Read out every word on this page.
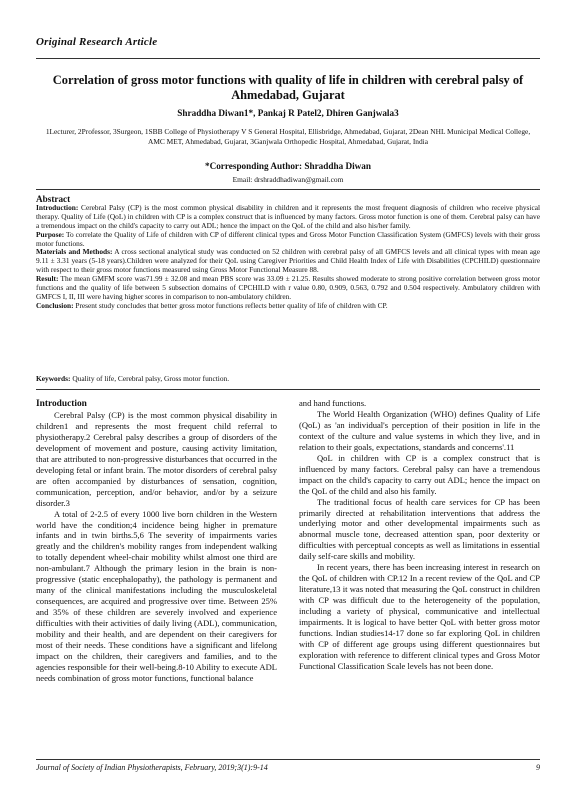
Original Research Article
Correlation of gross motor functions with quality of life in children with cerebral palsy of Ahmedabad, Gujarat
Shraddha Diwan1*, Pankaj R Patel2, Dhiren Ganjwala3
1Lecturer, 2Professor, 3Surgeon, 1SBB College of Physiotherapy V S General Hospital, Ellisbridge, Ahmedabad, Gujarat, 2Dean NHL Municipal Medical College, AMC MET, Ahmedabad, Gujarat, 3Ganjwala Orthopedic Hospital, Ahmedabad, Gujarat, India
*Corresponding Author: Shraddha Diwan
Email: drshraddhadiwan@gmail.com
Abstract

Introduction: Cerebral Palsy (CP) is the most common physical disability in children and it represents the most frequent diagnosis of children who receive physical therapy. Quality of Life (QoL) in children with CP is a complex construct that is influenced by many factors. Gross motor function is one of them. Cerebral palsy can have a tremendous impact on the child's capacity to carry out ADL; hence the impact on the QoL of the child and also his/her family.

Purpose: To correlate the Quality of Life of children with CP of different clinical types and Gross Motor Function Classification System (GMFCS) levels with their gross motor functions.

Materials and Methods: A cross sectional analytical study was conducted on 52 children with cerebral palsy of all GMFCS levels and all clinical types with mean age 9.11 ± 3.31 years (5-18 years).Children were analyzed for their QoL using Caregiver Priorities and Child Health Index of Life with Disabilities (CPCHILD) questionnaire with respect to their gross motor functions measured using Gross Motor Functional Measure 88.

Result: The mean GMFM score was71.99 ± 32.08 and mean PBS score was 33.09 ± 21.25. Results showed moderate to strong positive correlation between gross motor functions and the quality of life between 5 subsection domains of CPCHILD with r value 0.80, 0.909, 0.563, 0.792 and 0.504 respectively. Ambulatory children with GMFCS I, II, III were having higher scores in comparison to non-ambulatory children.

Conclusion: Present study concludes that better gross motor functions reflects better quality of life of children with CP.

Keywords: Quality of life, Cerebral palsy, Gross motor function.
Introduction

Cerebral Palsy (CP) is the most common physical disability in children1 and represents the most frequent child referral to physiotherapy.2 Cerebral palsy describes a group of disorders of the development of movement and posture, causing activity limitation, that are attributed to non-progressive disturbances that occurred in the developing fetal or infant brain. The motor disorders of cerebral palsy are often accompanied by disturbances of sensation, cognition, communication, perception, and/or behavior, and/or by a seizure disorder.3

A total of 2-2.5 of every 1000 live born children in the Western world have the condition;4 incidence being higher in premature infants and in twin births.5,6 The severity of impairments varies greatly and the children's mobility ranges from independent walking to totally dependent wheel-chair mobility whilst almost one third are non-ambulant.7 Although the primary lesion in the brain is non-progressive (static encephalopathy), the pathology is permanent and many of the clinical manifestations including the musculoskeletal consequences, are acquired and progressive over time. Between 25% and 35% of these children are severely involved and experience difficulties with their activities of daily living (ADL), communication, mobility and their health, and are dependent on their caregivers for most of their needs. These conditions have a significant and lifelong impact on the children, their caregivers and families, and to the agencies responsible for their well-being.8-10 Ability to execute ADL needs combination of gross motor functions, functional balance

and hand functions.

The World Health Organization (WHO) defines Quality of Life (QoL) as 'an individual's perception of their position in life in the context of the culture and value systems in which they live, and in relation to their goals, expectations, standards and concerns'.11

QoL in children with CP is a complex construct that is influenced by many factors. Cerebral palsy can have a tremendous impact on the child's capacity to carry out ADL; hence the impact on the QoL of the child and also his family.

The traditional focus of health care services for CP has been primarily directed at rehabilitation interventions that address the underlying motor and other developmental impairments such as abnormal muscle tone, decreased attention span, poor dexterity or difficulties with perceptual concepts as well as limitations in essential daily self-care skills and mobility.

In recent years, there has been increasing interest in research on the QoL of children with CP.12 In a recent review of the QoL and CP literature,13 it was noted that measuring the QoL construct in children with CP was difficult due to the heterogeneity of the population, including a variety of physical, communicative and intellectual impairments. It is logical to have better QoL with better gross motor functions. Indian studies14-17 done so far exploring QoL in children with CP of different age groups using different questionnaires but exploration with reference to different clinical types and Gross Motor Functional Classification Scale levels has not been done.

Journal of Society of Indian Physiotherapists, February, 2019;3(1):9-14	9
